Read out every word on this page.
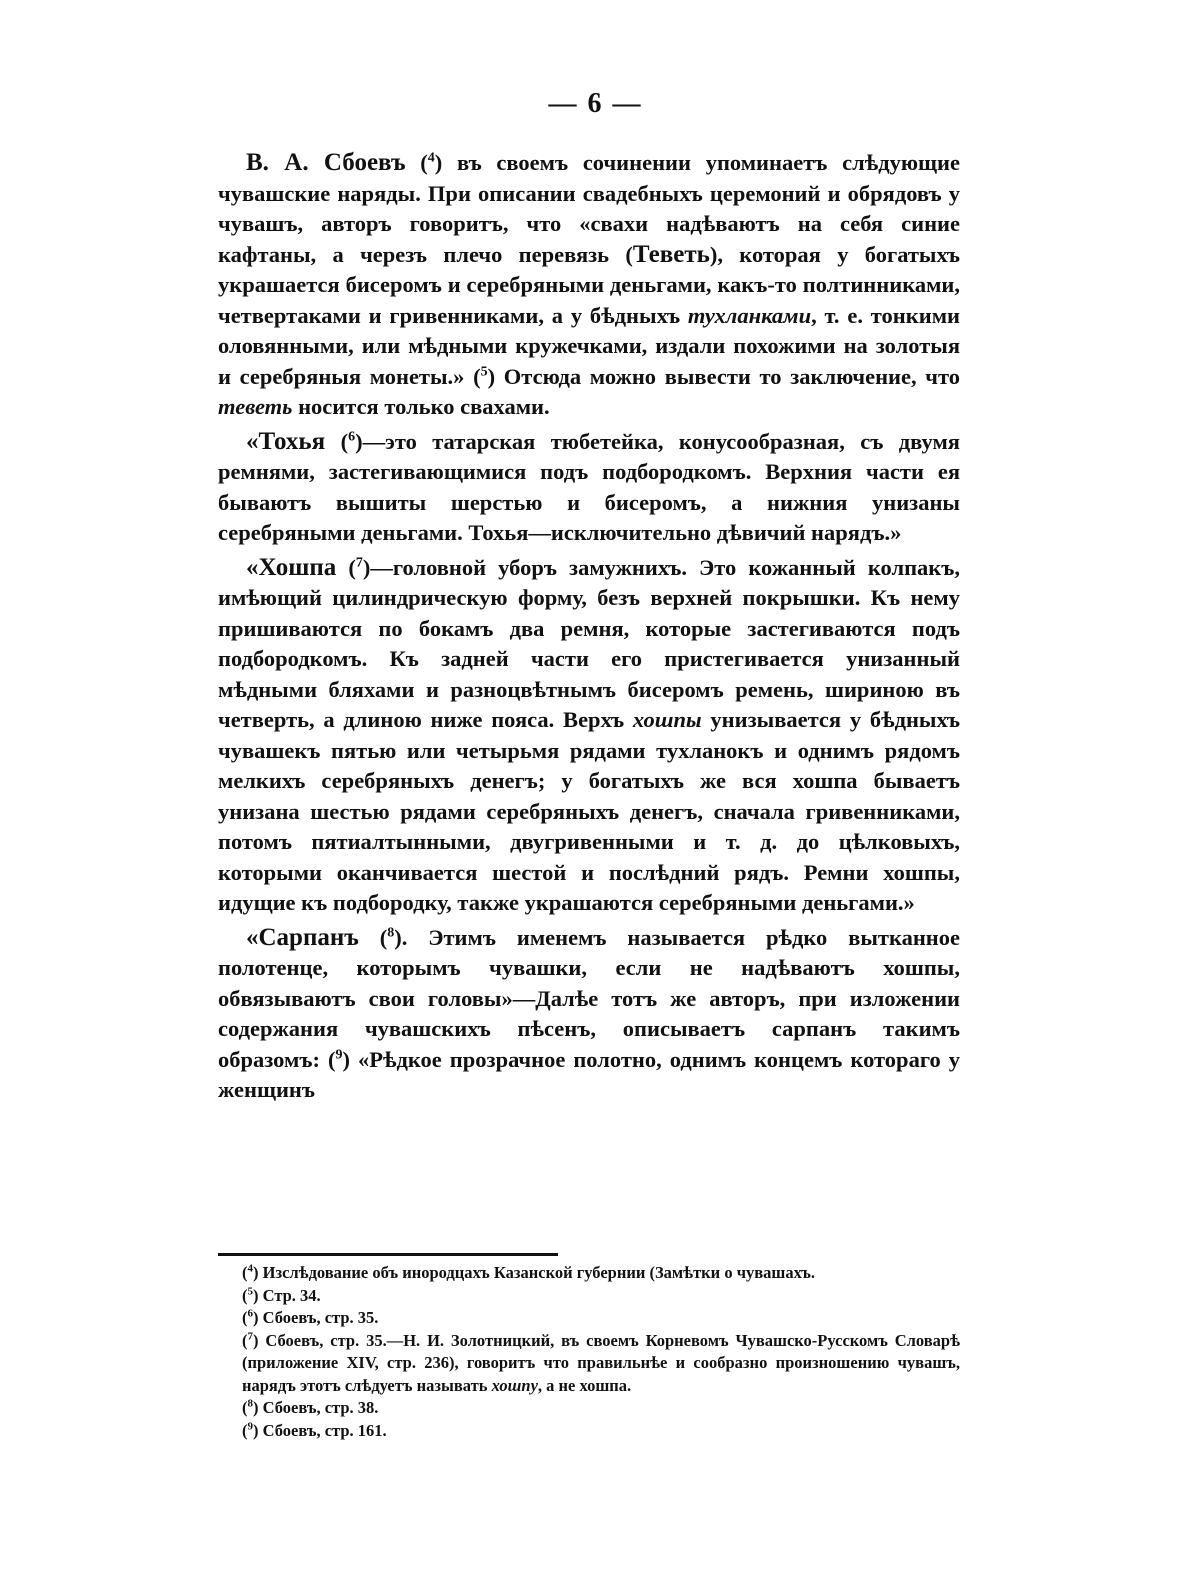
— 6 —

В. А. Сбоевъ ($^4$) въ своемъ сочинении упоминаетъ слѣдующие чувашские наряды. При описании свадебныхъ церемоний и обрядовъ у чувашъ, авторъ говоритъ, что «свахи надѣваютъ на себя синие кафтаны, а черезъ плечо перевязь (Теветь), которая у богатыхъ украшается бисеромъ и серебряными деньгами, какъ-то полтинниками, четвертаками и гривенниками, а у бѣдныхъ тухланками, т. е. тонкими оловянными, или мѣдными кружечками, издали похожими на золотыя и серебряныя монеты.» ($^5$) Отсюда можно вывести то заключение, что теветь носится только свахами.

«Тохья ($^6$)—это татарская тюбетейка, конусообразная, съ двумя ремнями, застегивающимися подъ подбородкомъ. Верхния части ея бываютъ вышиты шерстью и бисеромъ, а нижния унизаны серебряными деньгами. Тохья—исключительно дѣвичий нарядъ.»

«Хошпа ($^7$)—головной уборъ замужнихъ. Это кожанный колпакъ, имѣющий цилиндрическую форму, безъ верхней покрышки. Къ нему пришиваются по бокамъ два ремня, которые застегиваются подъ подбородкомъ. Къ задней части его пристегивается унизанный мѣдными бляхами и разноцвѣтнымъ бисеромъ ремень, шириною въ четверть, а длиною ниже пояса. Верхъ хошпы унизывается у бѣдныхъ чувашекъ пятью или четырьмя рядами тухланокъ и однимъ рядомъ мелкихъ серебряныхъ денегъ; у богатыхъ же вся хошпа бываетъ унизана шестью рядами серебряныхъ денегъ, сначала гривенниками, потомъ пятиалтынными, двугривенными и т. д. до цѣлковыхъ, которыми оканчивается шестой и послѣдний рядъ. Ремни хошпы, идущие къ подбородку, также украшаются серебряными деньгами.»

«Сарпанъ ($^8$). Этимъ именемъ называется рѣдко вытканное полотенце, которымъ чувашки, если не надѣваютъ хошпы, обвязываютъ свои головы»—Далѣе тотъ же авторъ, при изложении содержания чувашскихъ пѣсенъ, описываетъ сарпанъ такимъ образомъ: ($^9$) «Рѣдкое прозрачное полотно, однимъ концемъ котораго у женщинъ

($^4$) Изслѣдование объ инородцахъ Казанской губернии (Замѣтки о чувашахъ.

($^5$) Стр. 34.

($^6$) Сбоевъ, стр. 35.

($^7$) Сбоевъ, стр. 35.—Н. И. Золотницкий, въ своемъ Корневомъ Чувашско-Русскомъ Словарѣ (приложение XIV, стр. 236), говоритъ что правильнѣе и сообразно произношению чувашъ, нарядъ этотъ слѣдуетъ называть хошпу, а не хошпа.

($^8$) Сбоевъ, стр. 38.

($^9$) Сбоевъ, стр. 161.
